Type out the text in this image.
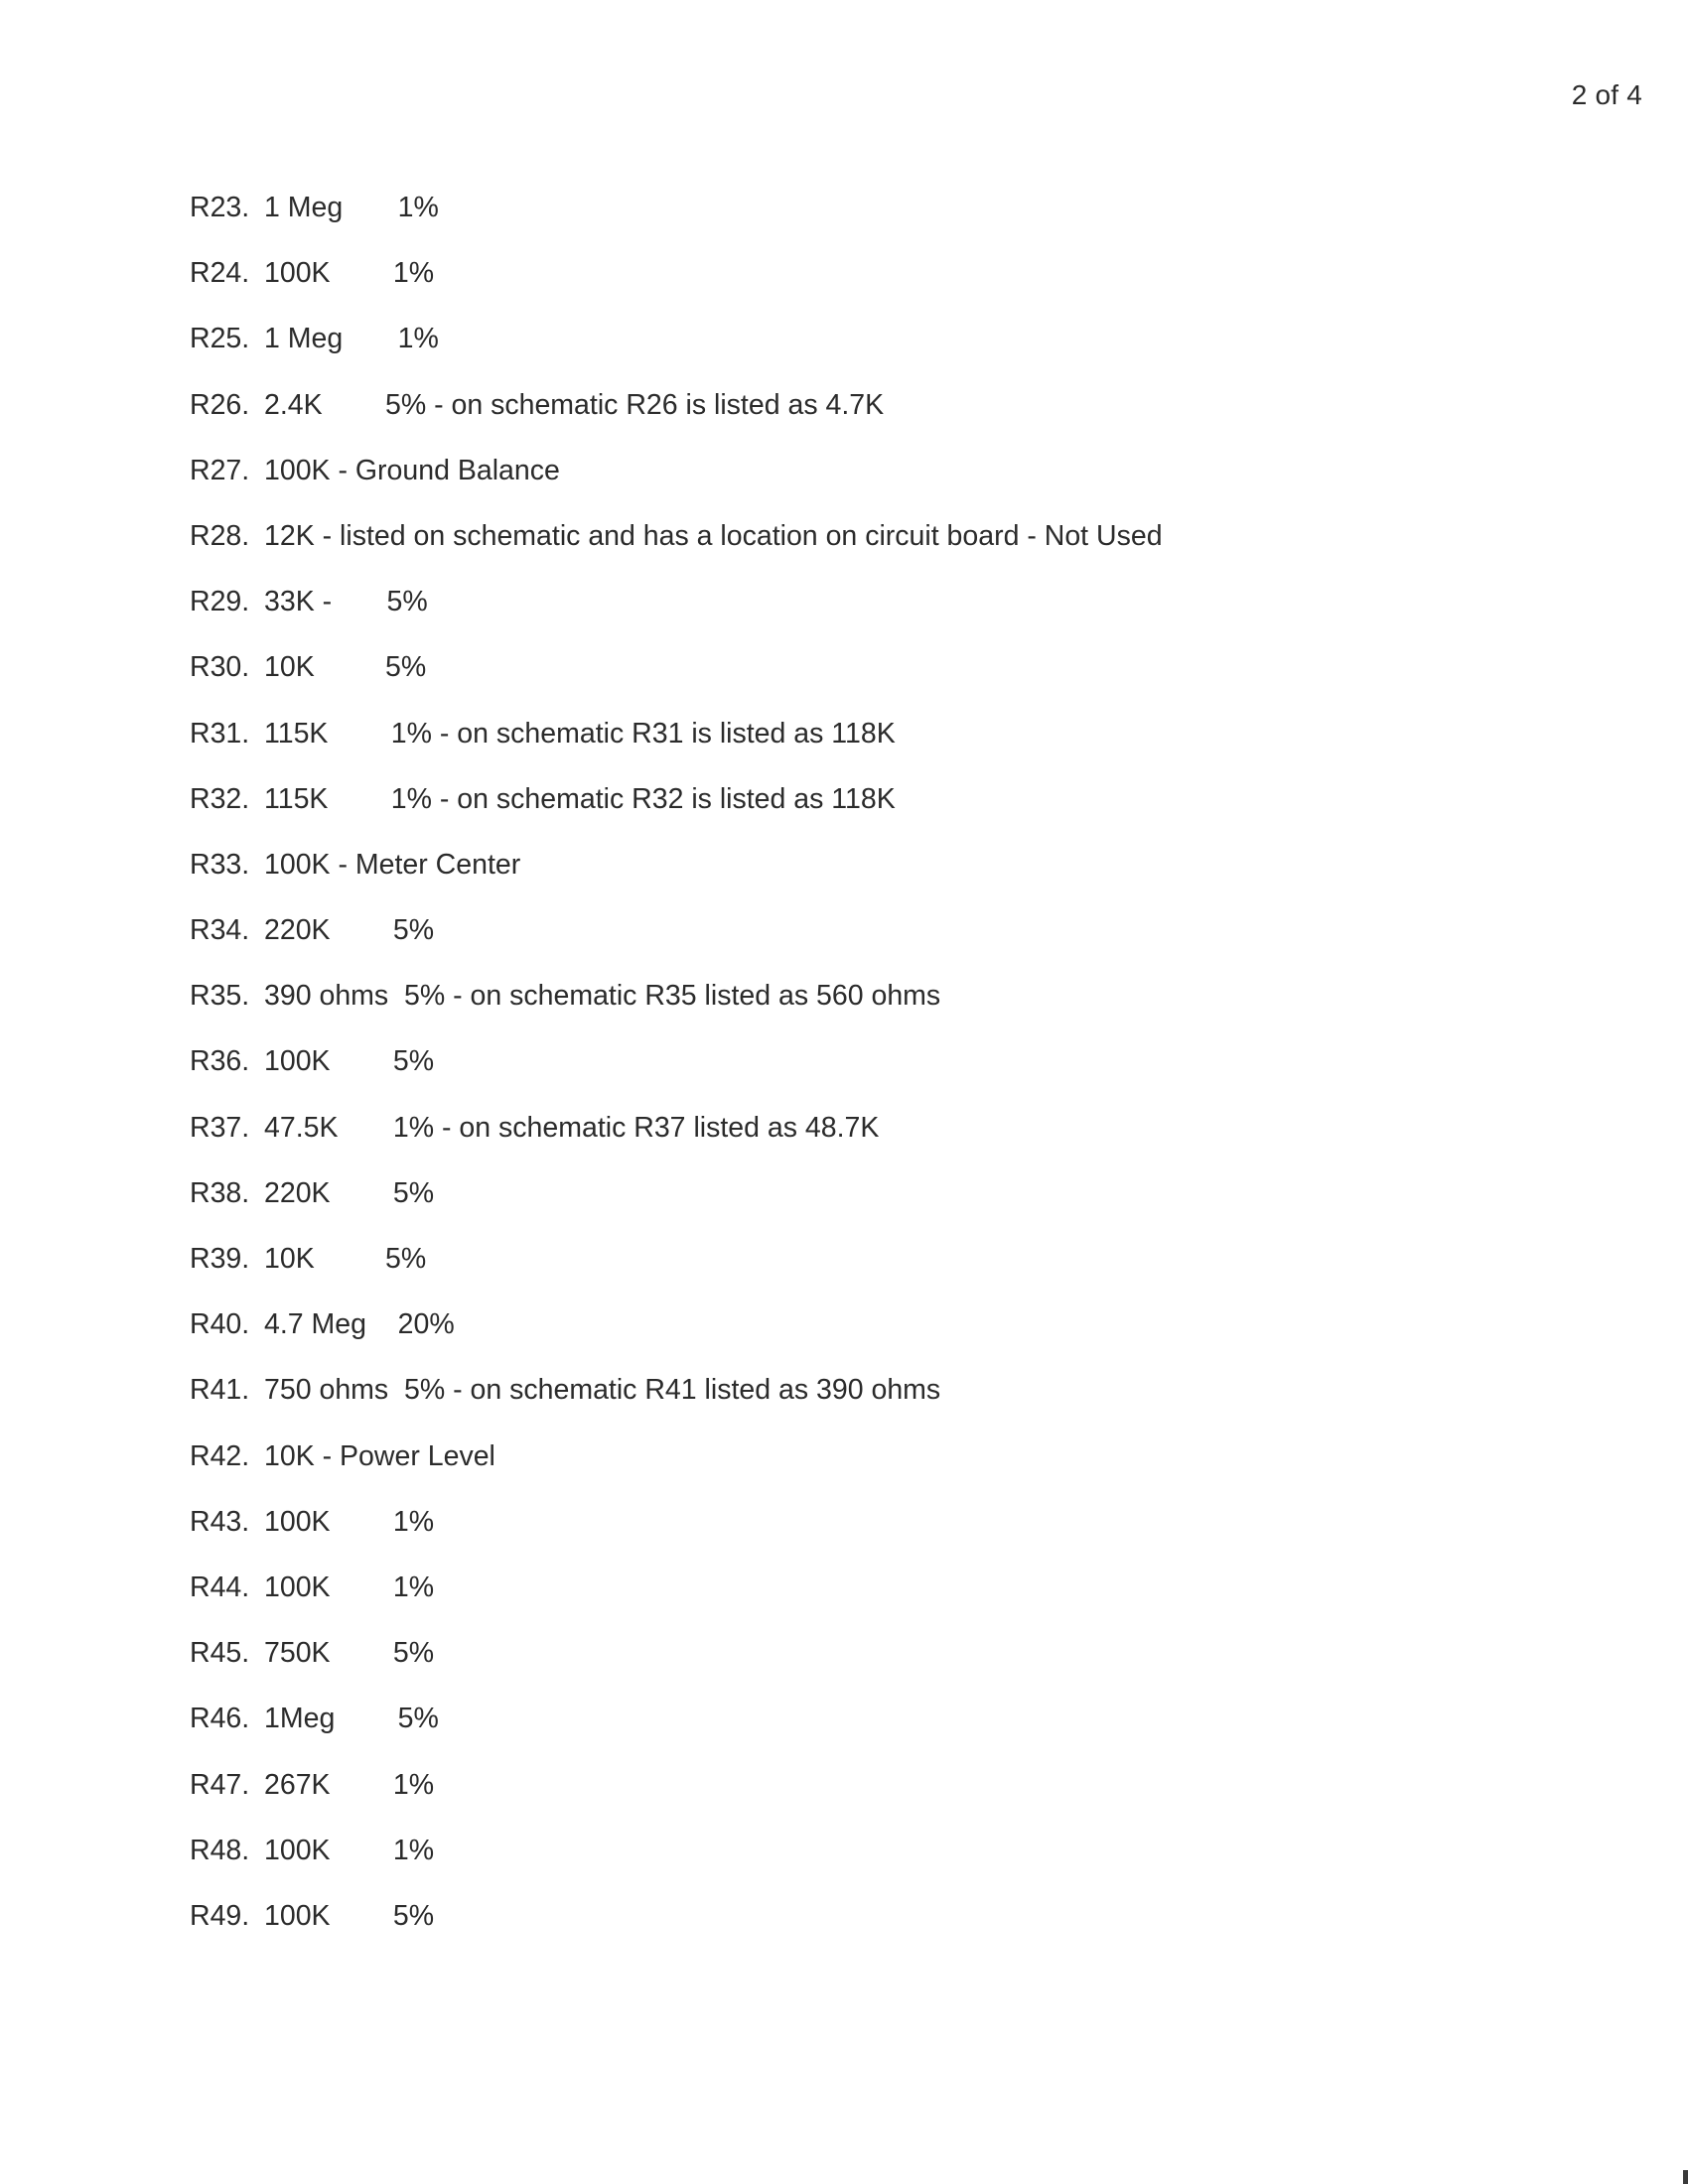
2 of 4
R23. 1 Meg       1%
R24. 100K        1%
R25. 1 Meg       1%
R26. 2.4K        5% - on schematic R26 is listed as 4.7K
R27. 100K - Ground Balance
R28. 12K - listed on schematic and has a location on circuit board - Not Used
R29. 33K -       5%
R30. 10K         5%
R31. 115K        1% - on schematic R31 is listed as 118K
R32. 115K        1% - on schematic R32 is listed as 118K
R33. 100K - Meter Center
R34. 220K        5%
R35. 390 ohms  5% - on schematic R35 listed as 560 ohms
R36. 100K        5%
R37. 47.5K       1% - on schematic R37 listed as 48.7K
R38. 220K        5%
R39. 10K         5%
R40. 4.7 Meg    20%
R41. 750 ohms  5% - on schematic R41 listed as 390 ohms
R42. 10K - Power Level
R43. 100K        1%
R44. 100K        1%
R45. 750K        5%
R46. 1Meg        5%
R47. 267K        1%
R48. 100K        1%
R49. 100K        5%
